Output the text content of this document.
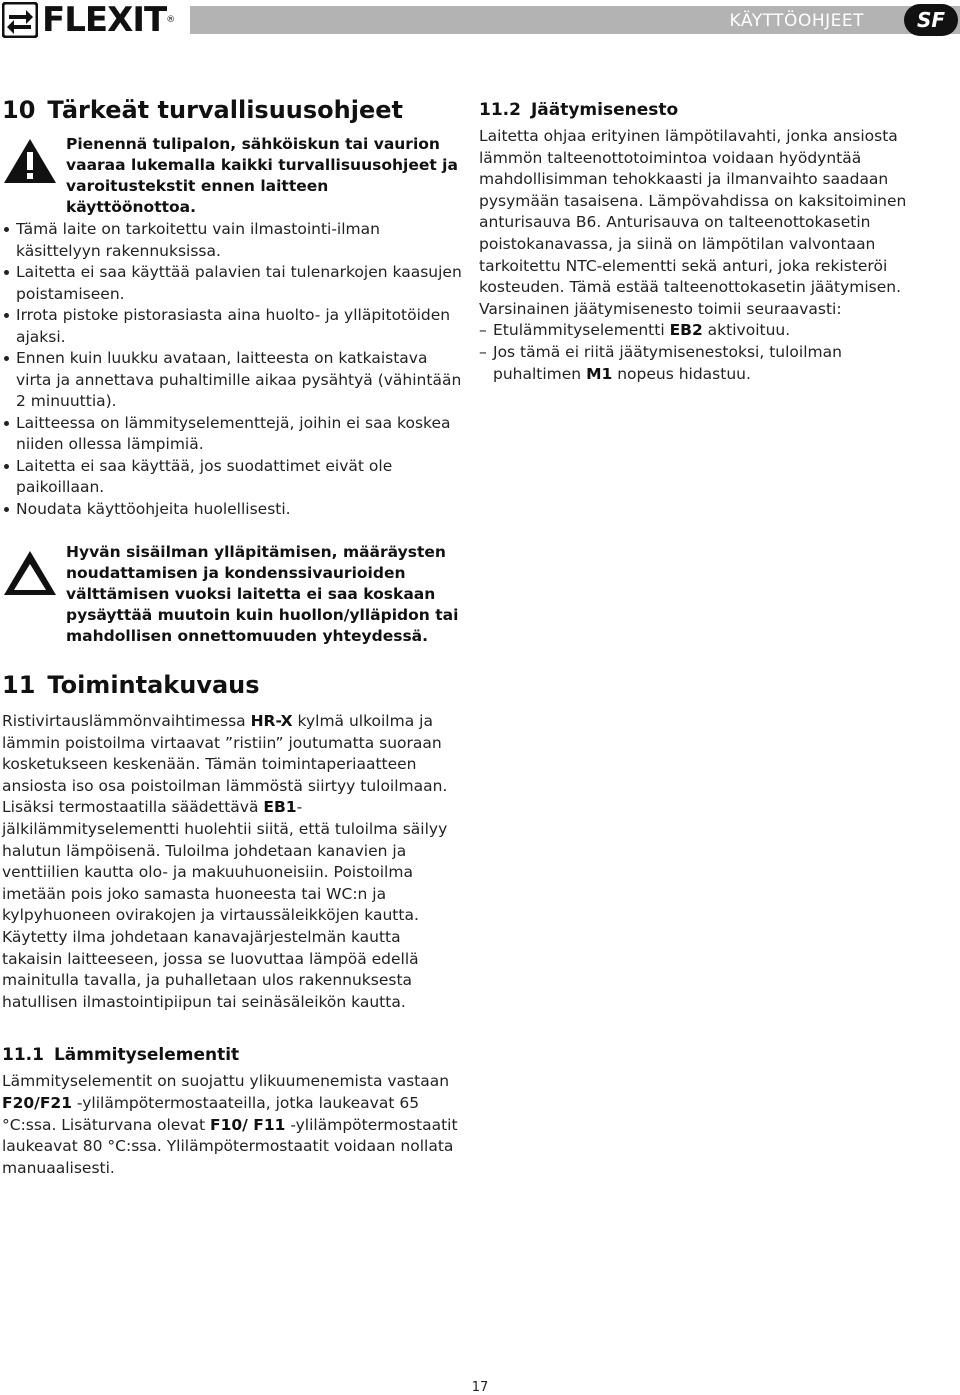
FLEXIT®	KÄYTTÖOHJEET	SF
10 Tärkeät turvallisuusohjeet
Pienennä tulipalon, sähköiskun tai vaurion vaaraa lukemalla kaikki turvallisuusohjeet ja varoitustekstit ennen laitteen käyttöönottoa.
Tämä laite on tarkoitettu vain ilmastointi-ilman käsittelyyn rakennuksissa.
Laitetta ei saa käyttää palavien tai tulenarkojen kaasujen poistamiseen.
Irrota pistoke pistorasiasta aina huolto- ja ylläpitotöiden ajaksi.
Ennen kuin luukku avataan, laitteesta on katkaistava virta ja annettava puhaltimille aikaa pysähtyä (vähintään 2 minuuttia).
Laitteessa on lämmityselementtejä, joihin ei saa koskea niiden ollessa lämpimiä.
Laitetta ei saa käyttää, jos suodattimet eivät ole paikoillaan.
Noudata käyttöohjeita huolellisesti.
Hyvän sisäilman ylläpitämisen, määräysten noudattamisen ja kondenssivaurioiden välttämisen vuoksi laitetta ei saa koskaan pysäyttää muutoin kuin huollon/ylläpidon tai mahdollisen onnettomuuden yhteydessä.
11 Toimintakuvaus

Ristivirtauslämmönvaihtimessa HR-X kylmä ulkoilma ja lämmin poistoilma virtaavat ”ristiin” joutumatta suoraan kosketukseen keskenään. Tämän toimintaperiaatteen ansiosta iso osa poistoilman lämmöstä siirtyy tuloilmaan. Lisäksi termostaatilla säädettävä EB1-jälkilämmityselementti huolehtii siitä, että tuloilma säilyy halutun lämpöisenä. Tuloilma johdetaan kanavien ja venttiilien kautta olo- ja makuuhuoneisiin. Poistoilma imetään pois joko samasta huoneesta tai WC:n ja kylpyhuoneen ovirakojen ja virtaussäleikköjen kautta. Käytetty ilma johdetaan kanavajärjestelmän kautta takaisin laitteeseen, jossa se luovuttaa lämpöä edellä mainitulla tavalla, ja puhalletaan ulos rakennuksesta hatullisen ilmastointipiipun tai seinäsäleikön kautta.

11.1 Lämmityselementit

Lämmityselementit on suojattu ylikuumenemista vastaan F20/F21 -ylilämpötermostaateilla, jotka laukeavat 65 °C:ssa. Lisäturvana olevat F10/ F11 -ylilämpötermostaatit laukeavat 80 °C:ssa. Ylilämpötermostaatit voidaan nollata manuaalisesti.

11.2 Jäätymisenesto

Laitetta ohjaa erityinen lämpötilavahti, jonka ansiosta lämmön talteenottotoimintoa voidaan hyödyntää mahdollisimman tehokkaasti ja ilmanvaihto saadaan pysymään tasaisena. Lämpövahdissa on kaksitoiminen anturisauva B6. Anturisauva on talteenottokasetin poistokanavassa, ja siinä on lämpötilan valvontaan tarkoitettu NTC-elementti sekä anturi, joka rekisteröi kosteuden. Tämä estää talteenottokasetin jäätymisen.

Varsinainen jäätymisenesto toimii seuraavasti:

– Etulämmityselementti EB2 aktivoituu.
– Jos tämä ei riitä jäätymisenestoksi, tuloilman puhaltimen M1 nopeus hidastuu.
17
